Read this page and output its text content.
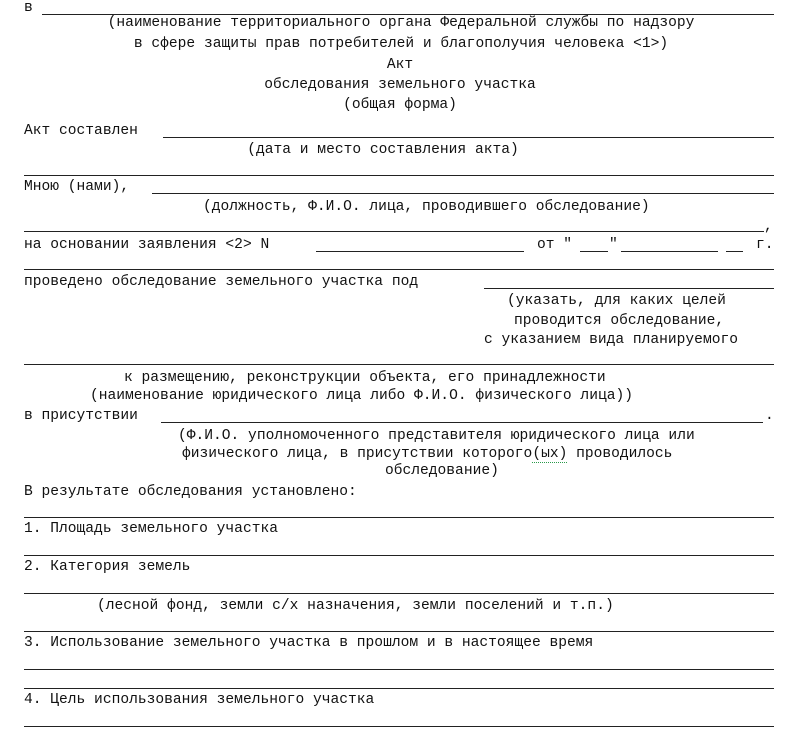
в
(наименование территориального органа Федеральной службы по надзору
в сфере защиты прав потребителей и благополучия человека <1>)
Акт
обследования земельного участка
(общая форма)
Акт составлен
(дата и место составления акта)
Мною (нами),
(должность, Ф.И.О. лица, проводившего обследование)
,
на основании заявления <2> N	от "	"	г.
проведено обследование земельного участка под
(указать, для каких целей
проводится обследование,
с указанием вида планируемого
к размещению, реконструкции объекта, его принадлежности
(наименование юридического лица либо Ф.И.О. физического лица))
в присутствии	.
(Ф.И.О. уполномоченного представителя юридического лица или
физического лица, в присутствии которого(ых) проводилось
обследование)
В результате обследования установлено:
1. Площадь земельного участка
2. Категория земель
(лесной фонд, земли с/х назначения, земли поселений и т.п.)
3. Использование земельного участка в прошлом и в настоящее время
4. Цель использования земельного участка
